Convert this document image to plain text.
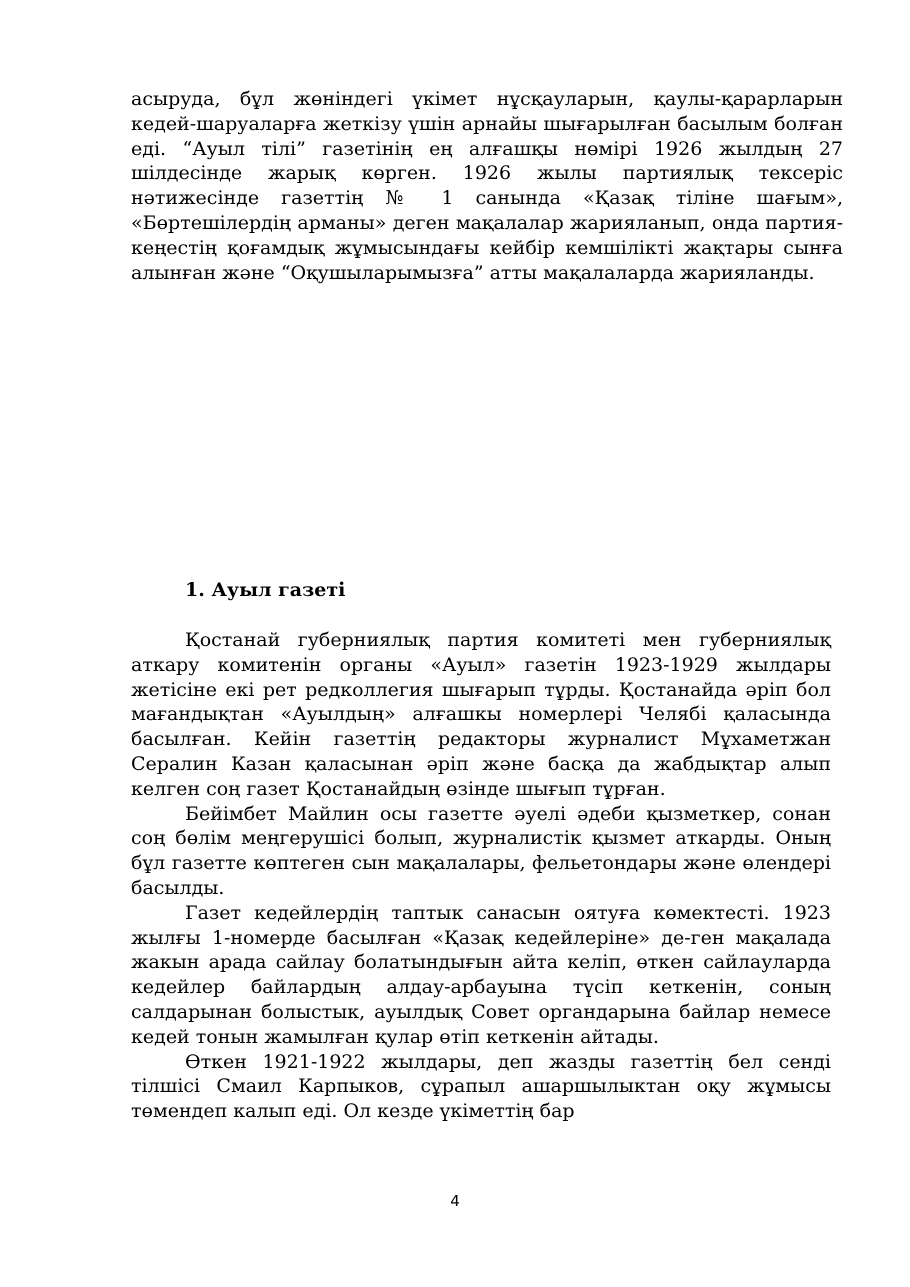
асыруда, бұл жөніндегі үкімет нұсқауларын, қаулы-қарарларын кедей-шаруаларға жеткізу үшін арнайы шығарылған басылым болған еді. “Ауыл тілі” газетінің ең алғашқы нөмірі 1926 жылдың 27 шілдесінде жарық көрген. 1926 жылы партиялық тексеріс нәтижесінде газеттің № 1 санында «Қазақ тіліне шағым», «Бөртешілердің арманы» деген мақалалар жарияланып, онда партия-кеңестің қоғамдық жұмысындағы кейбір кемшілікті жақтары сынға алынған және “Оқушыларымызға” атты мақалаларда жарияланды.

1. Ауыл газеті

Қостанай губерниялық партия комитеті мен губерниялық аткару комитенін органы «Ауыл» газетін 1923-1929 жылдары жетісіне екі рет редколлегия шығарып тұрды. Қостанайда әріп бол мағандықтан «Ауылдың» алғашкы номерлері Челябі қаласында басылған. Кейін газеттің редакторы журналист Мұхаметжан Сералин Казан қаласынан әріп және басқа да жабдықтар алып келген соң газет Қостанайдың өзінде шығып тұрған.

Бейімбет Майлин осы газетте әуелі әдеби қызметкер, сонан соң бөлім меңгерушісі болып, журналистік қызмет аткарды. Оның бұл газетте көптеген сын мақалалары, фельетондары және өлендері басылды.

Газет кедейлердің таптык санасын оятуға көмектесті. 1923 жылғы 1-номерде басылған «Қазақ кедейлеріне» де-ген мақалада жакын арада сайлау болатындығын айта келіп, өткен сайлауларда кедейлер байлардың алдау-арбауына түсіп кеткенін, соның салдарынан болыстык, ауылдық Совет органдарына байлар немесе кедей тонын жамылған қулар өтіп кеткенін айтады.

Өткен 1921-1922 жылдары, деп жазды газеттің бел сенді тілшісі Смаил Карпыков, сұрапыл ашаршылыктан оқу жұмысы төмендеп калып еді. Ол кезде үкіметтің бар

4
